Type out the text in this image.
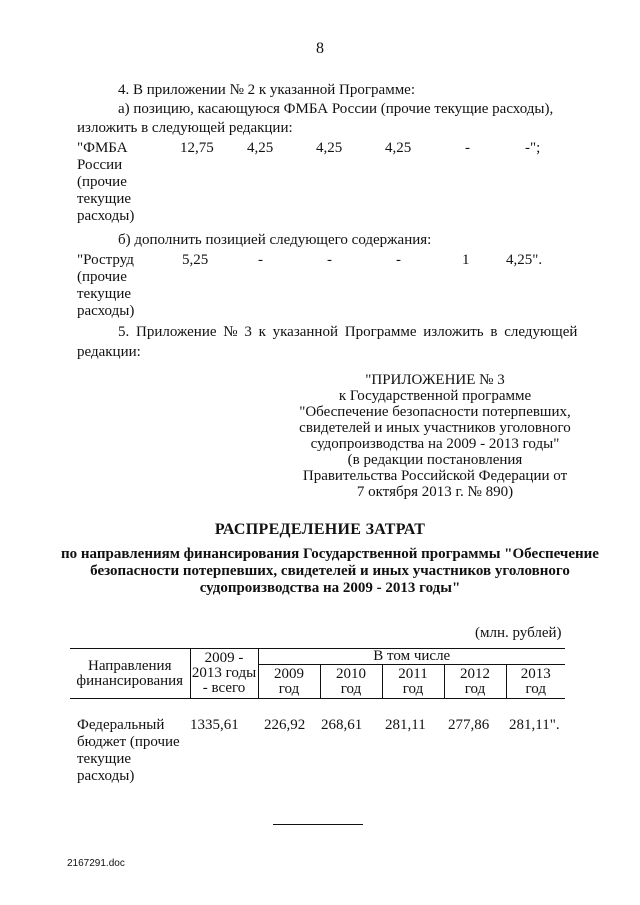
8
4. В приложении № 2 к указанной Программе:
а) позицию, касающуюся ФМБА России (прочие текущие расходы),
изложить в следующей редакции:
"ФМБА
России
(прочие
текущие
расходы)
12,75 4,25	4,25	4,25	-	-";
б) дополнить позицией следующего содержания:
"Роструд
(прочие
текущие
расходы)
5,25	-	-	-	1 4,25".
5. Приложение № 3 к указанной Программе изложить в следующей
редакции:
"ПРИЛОЖЕНИЕ № 3
к Государственной программе
"Обеспечение безопасности потерпевших,
свидетелей и иных участников уголовного
судопроизводства на 2009 - 2013 годы"
(в редакции постановления
Правительства Российской Федерации от
7 октября 2013 г. № 890)
РАСПРЕДЕЛЕНИЕ ЗАТРАТ
по направлениям финансирования Государственной программы "Обеспечение безопасности потерпевших, свидетелей и иных участников уголовного судопроизводства на 2009 - 2013 годы"
(млн. рублей)
Направления финансирования	2009 - 2013 годы - всего	В том числе				
		2009 год	2010 год	2011 год	2012 год	2013 год
Федеральный
бюджет (прочие
текущие
расходы)
1335,61 226,92 268,61 281,11 277,86 281,11".
2167291.doc
